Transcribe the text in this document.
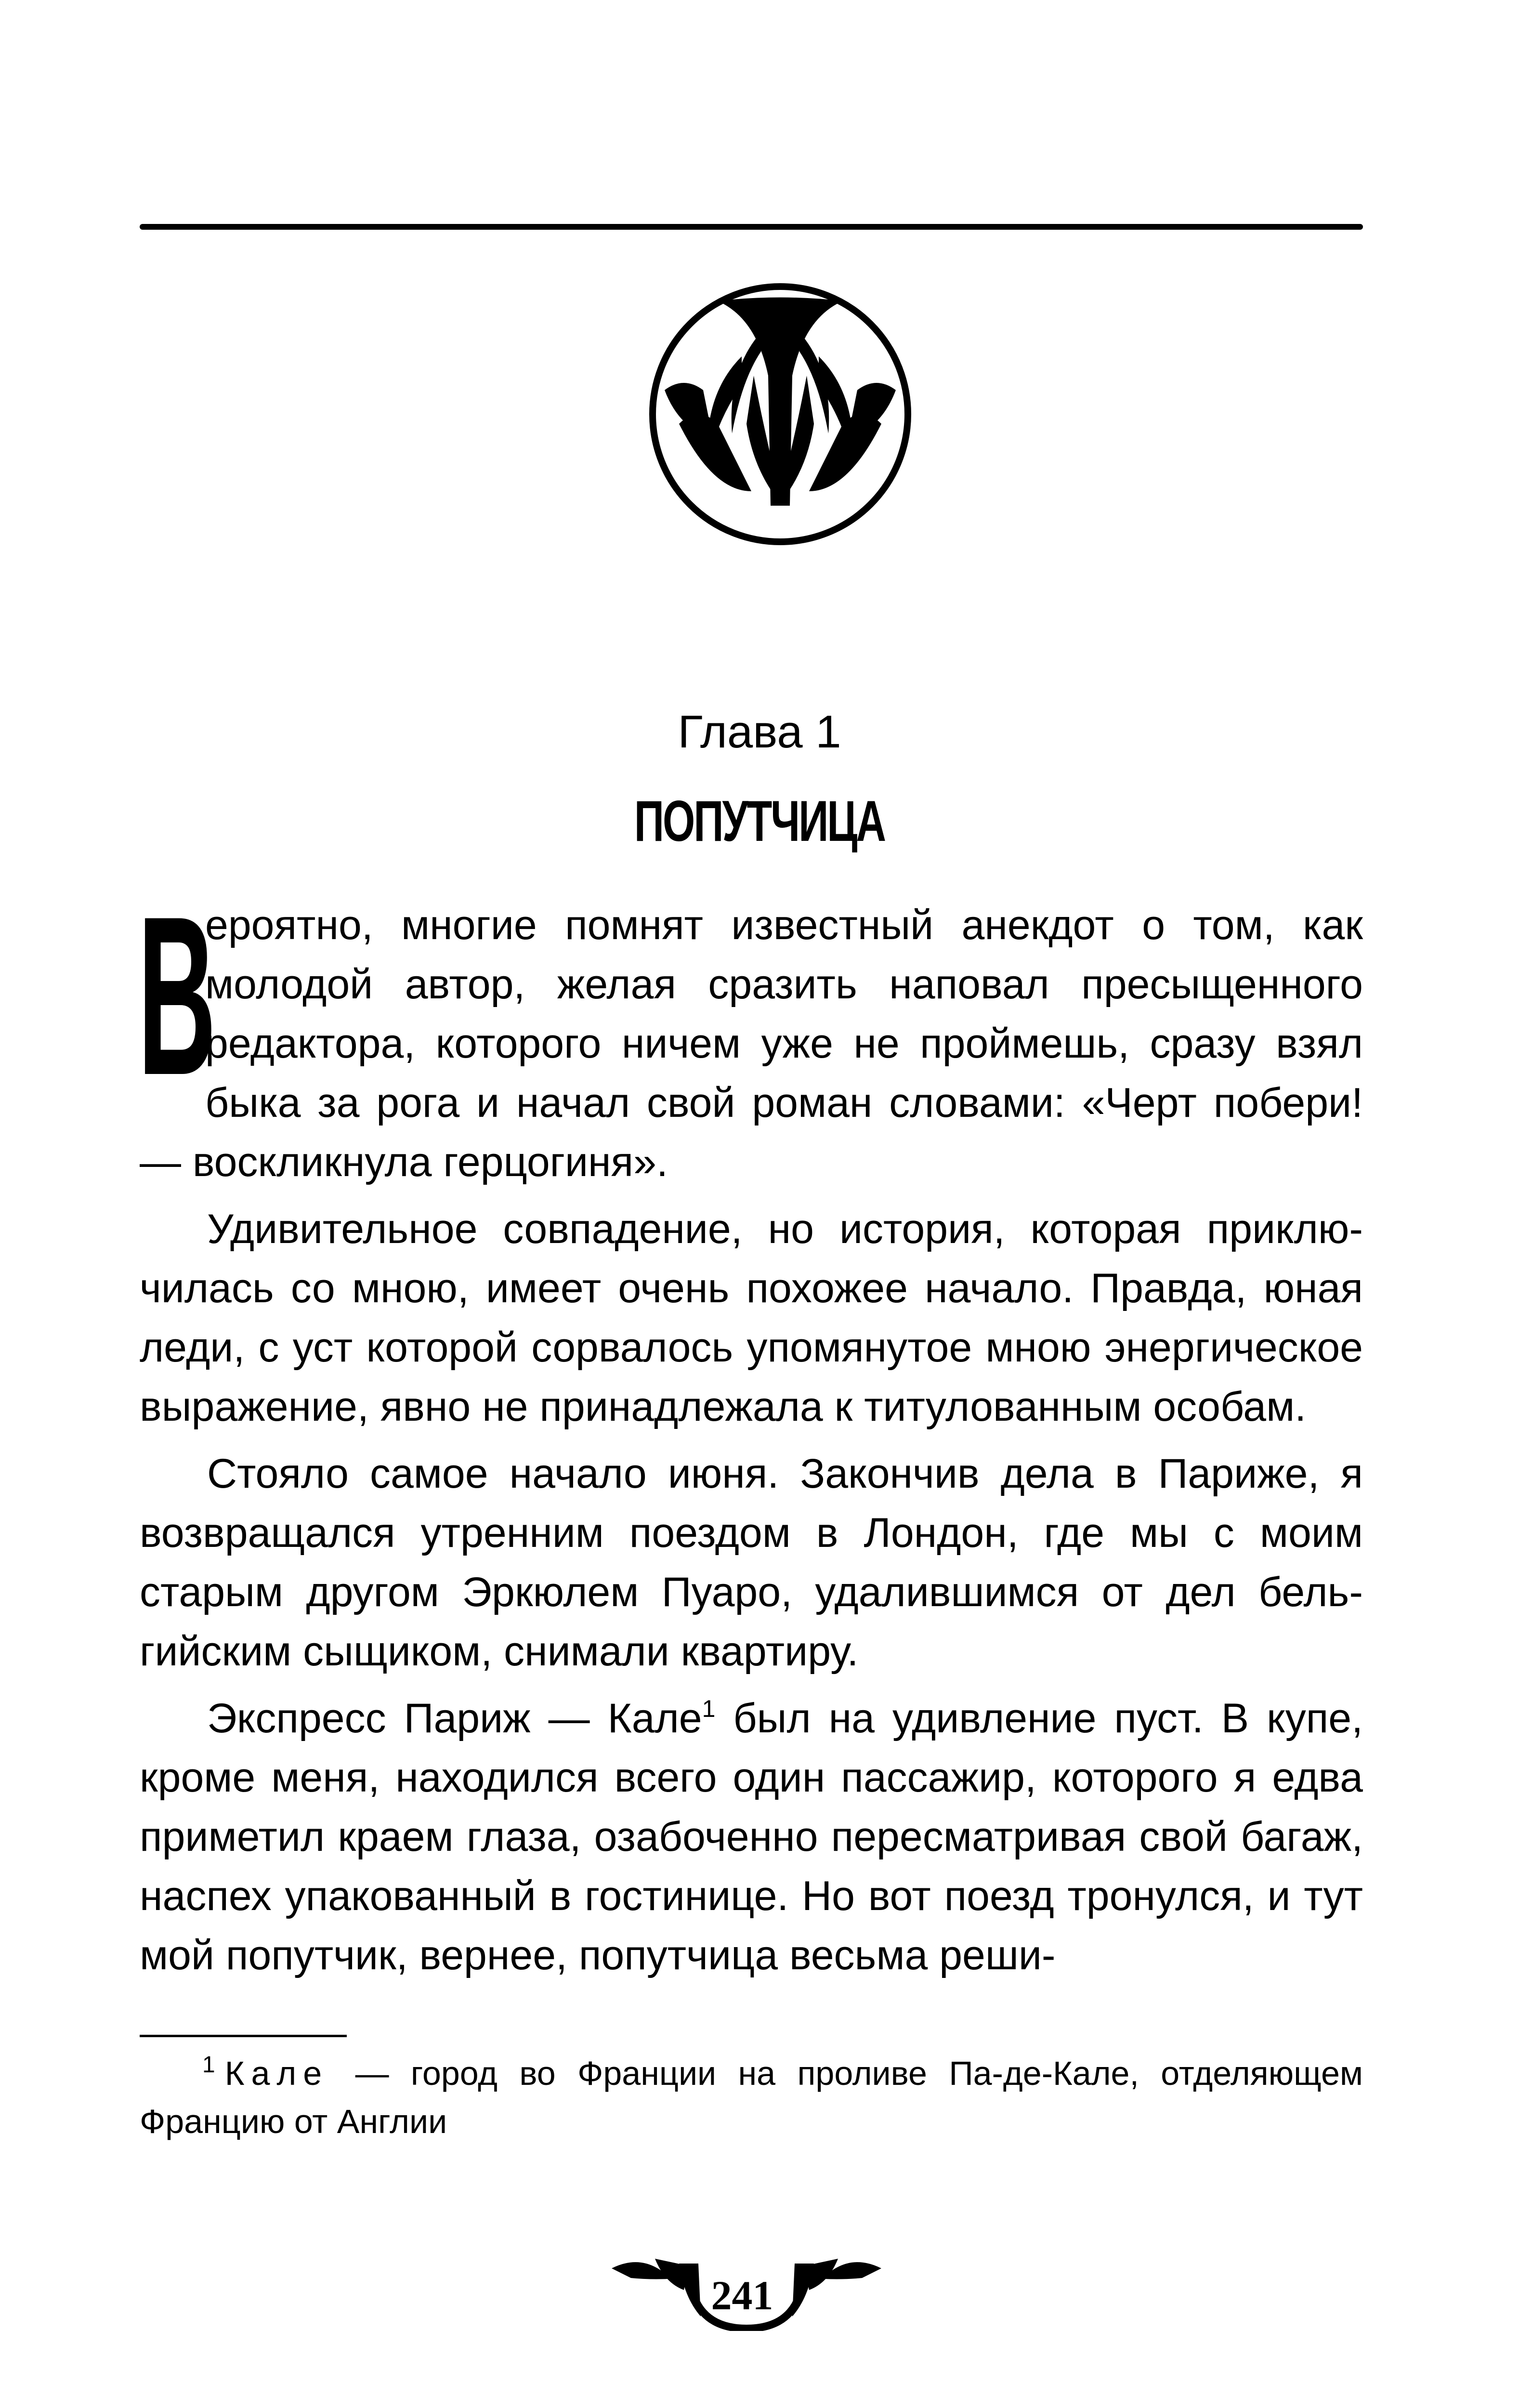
Глава 1
ПОПУТЧИЦА

В
ероятно, многие помнят известный анекдот о том, как молодой автор, желая сразить наповал пресыщенного редактора, которого ничем уже не проймешь, сразу взял быка за рога и начал свой роман словами: «Черт побери! — воскликнула герцогиня».

Удивительное совпадение, но история, которая приключилась со мною, имеет очень похожее начало. Правда, юная леди, с уст которой сорвалось упомянутое мною энергическое выражение, явно не принадлежала к титулованным особам.

Стояло самое начало июня. Закончив дела в Париже, я возвращался утренним поездом в Лондон, где мы с моим старым другом Эркюлем Пуаро, удалившимся от дел бельгийским сыщиком, снимали квартиру.

Экспресс Париж — Кале$^1$ был на удивление пуст. В купе, кроме меня, находился всего один пассажир, которого я едва приметил краем глаза, озабоченно пересматривая свой багаж, наспех упакованный в гостинице. Но вот поезд тронулся, и тут мой попутчик, вернее, попутчица весьма реши-

$^1$ Кале — город во Франции на проливе Па-де-Кале, отделяющем Францию от Англии
241
